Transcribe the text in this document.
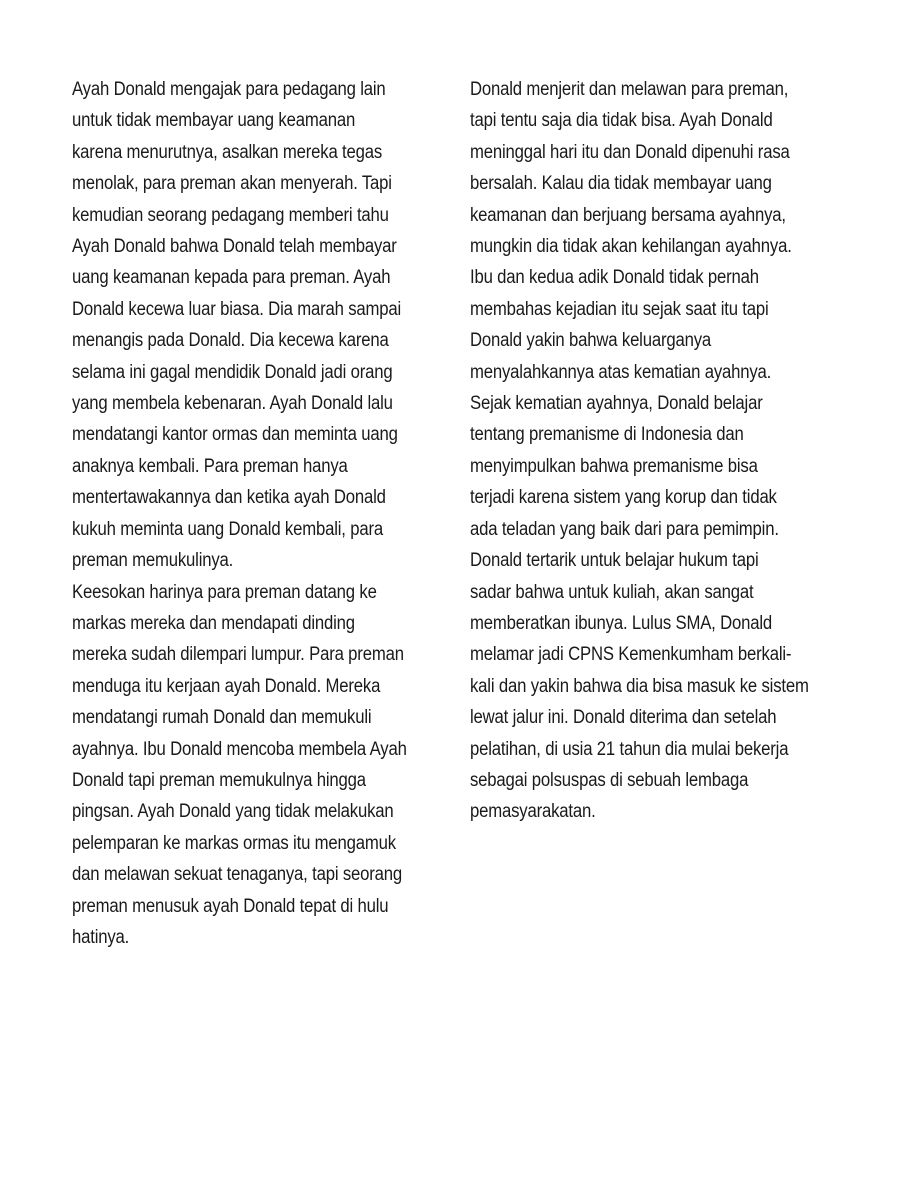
Ayah Donald mengajak para pedagang lain
untuk tidak membayar uang keamanan
karena menurutnya, asalkan mereka tegas
menolak, para preman akan menyerah. Tapi
kemudian seorang pedagang memberi tahu
Ayah Donald bahwa Donald telah membayar
uang keamanan kepada para preman. Ayah
Donald kecewa luar biasa. Dia marah sampai
menangis pada Donald. Dia kecewa karena
selama ini gagal mendidik Donald jadi orang
yang membela kebenaran. Ayah Donald lalu
mendatangi kantor ormas dan meminta uang
anaknya kembali. Para preman hanya
mentertawakannya dan ketika ayah Donald
kukuh meminta uang Donald kembali, para
preman memukulinya.
Keesokan harinya para preman datang ke
markas mereka dan mendapati dinding
mereka sudah dilempari lumpur. Para preman
menduga itu kerjaan ayah Donald. Mereka
mendatangi rumah Donald dan memukuli
ayahnya. Ibu Donald mencoba membela Ayah
Donald tapi preman memukulnya hingga
pingsan. Ayah Donald yang tidak melakukan
pelemparan ke markas ormas itu mengamuk
dan melawan sekuat tenaganya, tapi seorang
preman menusuk ayah Donald tepat di hulu
hatinya.
Donald menjerit dan melawan para preman,
tapi tentu saja dia tidak bisa. Ayah Donald
meninggal hari itu dan Donald dipenuhi rasa
bersalah. Kalau dia tidak membayar uang
keamanan dan berjuang bersama ayahnya,
mungkin dia tidak akan kehilangan ayahnya.
Ibu dan kedua adik Donald tidak pernah
membahas kejadian itu sejak saat itu tapi
Donald yakin bahwa keluarganya
menyalahkannya atas kematian ayahnya.
Sejak kematian ayahnya, Donald belajar
tentang premanisme di Indonesia dan
menyimpulkan bahwa premanisme bisa
terjadi karena sistem yang korup dan tidak
ada teladan yang baik dari para pemimpin.
Donald tertarik untuk belajar hukum tapi
sadar bahwa untuk kuliah, akan sangat
memberatkan ibunya. Lulus SMA, Donald
melamar jadi CPNS Kemenkumham berkali-
kali dan yakin bahwa dia bisa masuk ke sistem
lewat jalur ini. Donald diterima dan setelah
pelatihan, di usia 21 tahun dia mulai bekerja
sebagai polsuspas di sebuah lembaga
pemasyarakatan.
